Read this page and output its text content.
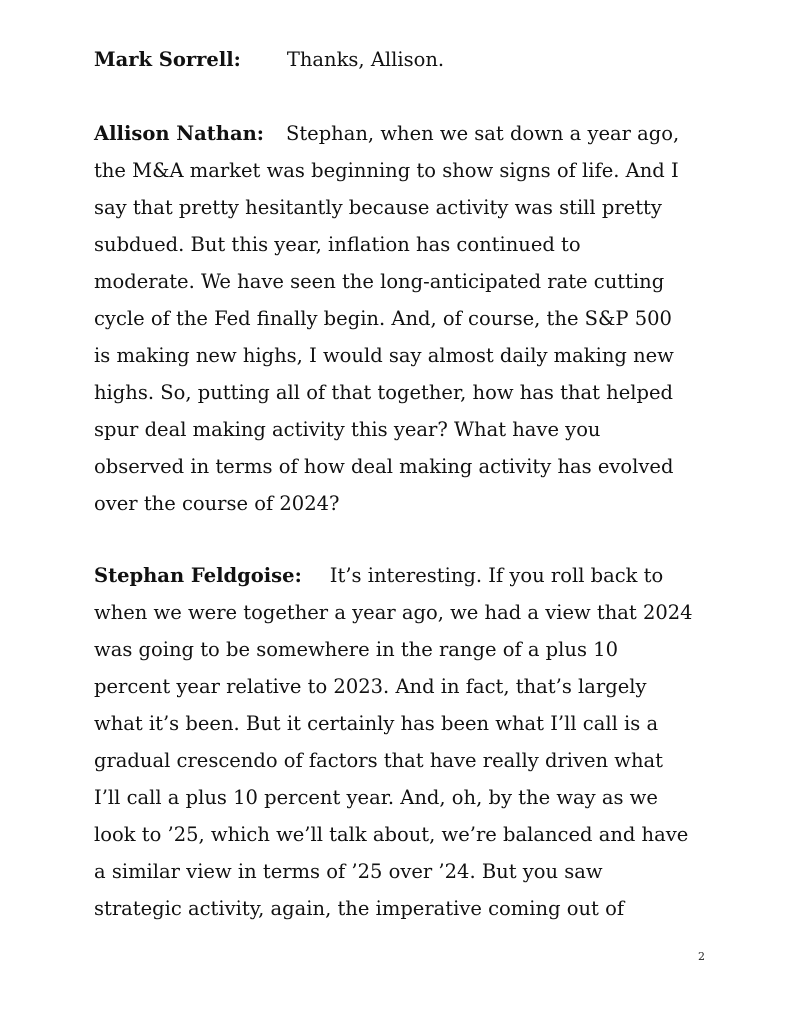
Mark Sorrell: Thanks, Allison.
Allison Nathan: Stephan, when we sat down a year ago,
the M&A market was beginning to show signs of life. And I
say that pretty hesitantly because activity was still pretty
subdued. But this year, inflation has continued to
moderate. We have seen the long-anticipated rate cutting
cycle of the Fed finally begin. And, of course, the S&P 500
is making new highs, I would say almost daily making new
highs. So, putting all of that together, how has that helped
spur deal making activity this year? What have you
observed in terms of how deal making activity has evolved
over the course of 2024?
Stephan Feldgoise: It’s interesting. If you roll back to
when we were together a year ago, we had a view that 2024
was going to be somewhere in the range of a plus 10
percent year relative to 2023. And in fact, that’s largely
what it’s been. But it certainly has been what I’ll call is a
gradual crescendo of factors that have really driven what
I’ll call a plus 10 percent year. And, oh, by the way as we
look to ’25, which we’ll talk about, we’re balanced and have
a similar view in terms of ’25 over ’24. But you saw
strategic activity, again, the imperative coming out of
2
